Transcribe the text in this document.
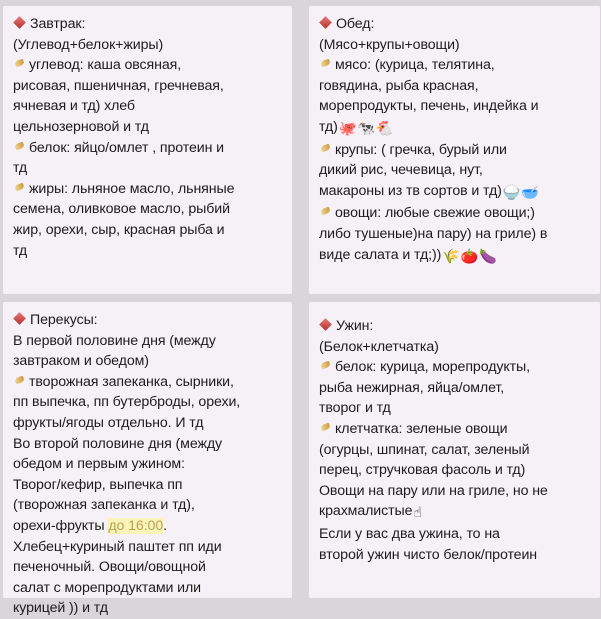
Завтрак:
(Углевод+белок+жиры)
углевод: каша овсяная,
рисовая, пшеничная, гречневая,
ячневая и тд) хлеб
цельнозерновой и тд
белок: яйцо/омлет , протеин и
тд
жиры: льняное масло, льняные
семена, оливковое масло, рыбий
жир, орехи, сыр, красная рыба и
тд
Обед:
(Мясо+крупы+овощи)
мясо: (курица, телятина,
говядина, рыба красная,
морепродукты, печень, индейка и
тд)🐙🐄🐔
крупы: ( гречка, бурый или
дикий рис, чечевица, нут,
макароны из тв сортов и тд)🍚🥣
овощи: любые свежие овощи;)
либо тушеные)на пару) на гриле) в
виде салата и тд;))🌾🍅🍆
Перекусы:
В первой половине дня (между
завтраком и обедом)
творожная запеканка, сырники,
пп выпечка, пп бутерброды, орехи,
фрукты/ягоды отдельно. И тд
Во второй половине дня (между
обедом и первым ужином:
Творог/кефир, выпечка пп
(творожная запеканка и тд),
орехи-фрукты до 16:00.
Хлебец+куриный паштет пп иди
печеночный. Овощи/овощной
салат с морепродуктами или
курицей )) и тд
Ужин:
(Белок+клетчатка)
белок: курица, морепродукты,
рыба нежирная, яйца/омлет,
творог и тд
клетчатка: зеленые овощи
(огурцы, шпинат, салат, зеленый
перец, стручковая фасоль и тд)
Овощи на пару или на гриле, но не
крахмалистые☝
Если у вас два ужина, то на
второй ужин чисто белок/протеин
